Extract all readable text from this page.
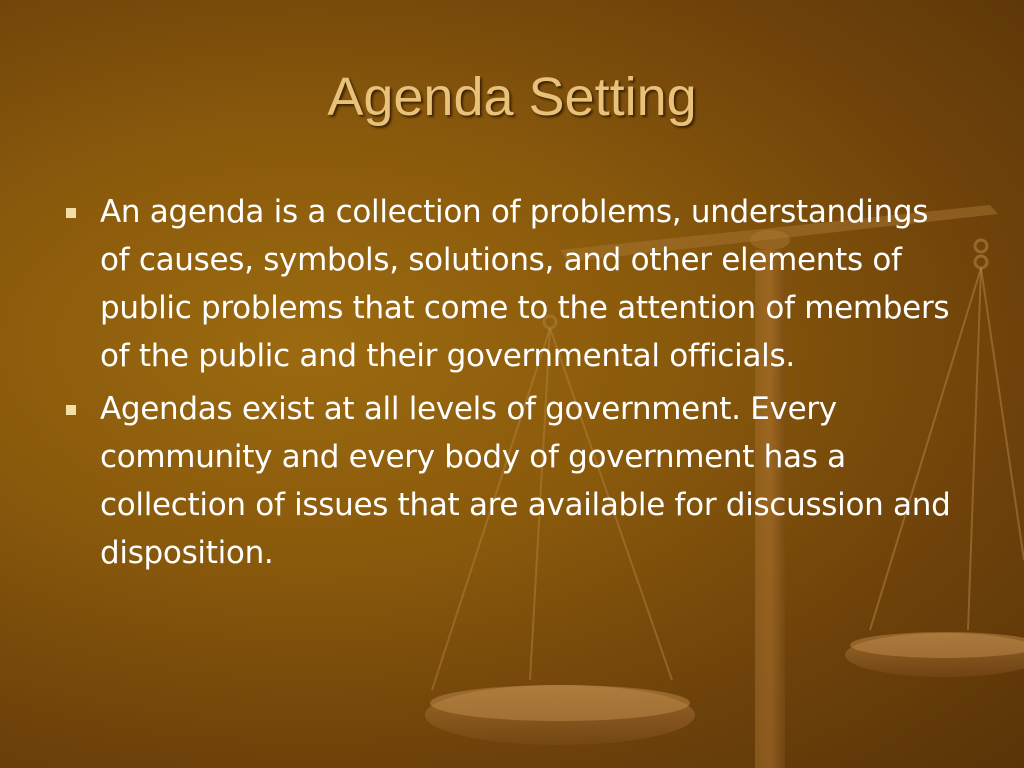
Agenda Setting
An agenda is a collection of problems, understandings of causes, symbols, solutions, and other elements of public problems that come to the attention of members of the public and their governmental officials.
Agendas exist at all levels of government. Every community and every body of government has a collection of issues that are available for discussion and disposition.
